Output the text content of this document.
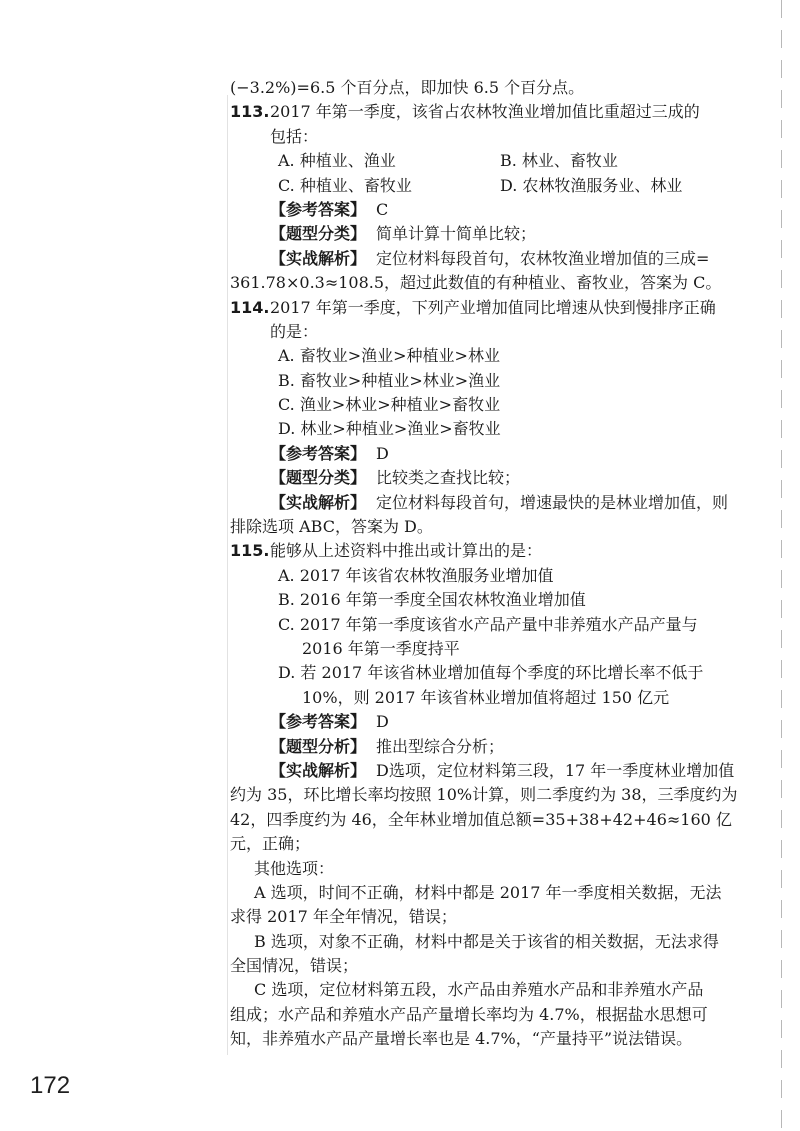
(−3.2%)=6.5 个百分点，即加快 6.5 个百分点。
113. 2017 年第一季度，该省占农林牧渔业增加值比重超过三成的
包括：
A. 种植业、渔业	B. 林业、畜牧业
C. 种植业、畜牧业	D. 农林牧渔服务业、林业
【参考答案】 C
【题型分类】 简单计算十简单比较；
【实战解析】 定位材料每段首句，农林牧渔业增加值的三成=
361.78×0.3≈108.5，超过此数值的有种植业、畜牧业，答案为 C。
114. 2017 年第一季度，下列产业增加值同比增速从快到慢排序正确
的是：
A. 畜牧业>渔业>种植业>林业
B. 畜牧业>种植业>林业>渔业
C. 渔业>林业>种植业>畜牧业
D. 林业>种植业>渔业>畜牧业
【参考答案】 D
【题型分类】 比较类之查找比较；
【实战解析】 定位材料每段首句，增速最快的是林业增加值，则
排除选项 ABC，答案为 D。
115. 能够从上述资料中推出或计算出的是：
A. 2017 年该省农林牧渔服务业增加值
B. 2016 年第一季度全国农林牧渔业增加值
C. 2017 年第一季度该省水产品产量中非养殖水产品产量与
2016 年第一季度持平
D. 若 2017 年该省林业增加值每个季度的环比增长率不低于
10%，则 2017 年该省林业增加值将超过 150 亿元
【参考答案】 D
【题型分析】 推出型综合分析；
【实战解析】 D选项，定位材料第三段，17 年一季度林业增加值
约为 35，环比增长率均按照 10%计算，则二季度约为 38，三季度约为
42，四季度约为 46，全年林业增加值总额=35+38+42+46≈160 亿
元，正确；
其他选项：
A 选项，时间不正确，材料中都是 2017 年一季度相关数据，无法
求得 2017 年全年情况，错误；
B 选项，对象不正确，材料中都是关于该省的相关数据，无法求得
全国情况，错误；
C 选项，定位材料第五段，水产品由养殖水产品和非养殖水产品
组成；水产品和养殖水产品产量增长率均为 4.7%，根据盐水思想可
知，非养殖水产品产量增长率也是 4.7%，“产量持平”说法错误。
172
